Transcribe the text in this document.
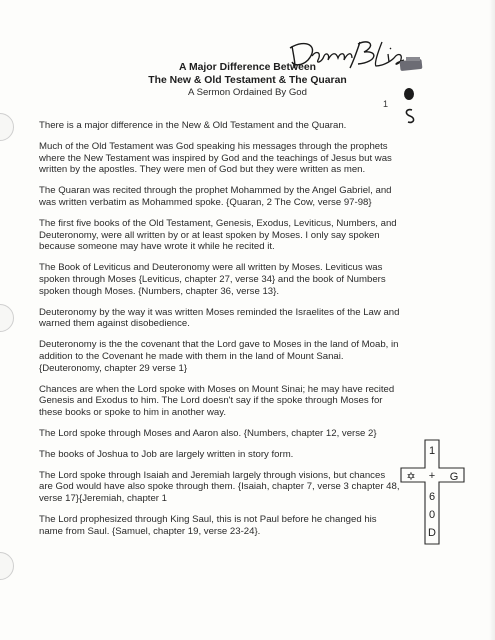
A Major Difference Between
The New & Old Testament & The Quaran
A Sermon Ordained By God
1

There is a major difference in the New & Old Testament and the Quaran.

Much of the Old Testament was God speaking his messages through the prophets where the New Testament was inspired by God and the teachings of Jesus but was written by the apostles. They were men of God but they were written as men.

The Quaran was recited through the prophet Mohammed by the Angel Gabriel, and was written verbatim as Mohammed spoke. {Quaran, 2 The Cow, verse 97-98}

The first five books of the Old Testament, Genesis, Exodus, Leviticus, Numbers, and Deuteronomy, were all written by or at least spoken by Moses. I only say spoken because someone may have wrote it while he recited it.

The Book of Leviticus and Deuteronomy were all written by Moses. Leviticus was spoken through Moses {Leviticus, chapter 27, verse 34} and the book of Numbers spoken though Moses. {Numbers, chapter 36, verse 13}.

Deuteronomy by the way it was written Moses reminded the Israelites of the Law and warned them against disobedience.

Deuteronomy is the the covenant that the Lord gave to Moses in the land of Moab, in addition to the Covenant he made with them in the land of Mount Sanai. {Deuteronomy, chapter 29 verse 1}

Chances are when the Lord spoke with Moses on Mount Sinai; he may have recited Genesis and Exodus to him. The Lord doesn't say if the spoke through Moses for these books or spoke to him in another way.

The Lord spoke through Moses and Aaron also. {Numbers, chapter 12, verse 2}

The books of Joshua to Job are largely written in story form.

The Lord spoke through Isaiah and Jeremiah largely through visions, but chances are God would have also spoke through them. {Isaiah, chapter 7, verse 3 chapter 48, verse 17}{Jeremiah, chapter 1

The Lord prophesized through King Saul, this is not Paul before he changed his name from Saul. {Samuel, chapter 19, verse 23-24}.

1
+
✡	G
6
0
D
